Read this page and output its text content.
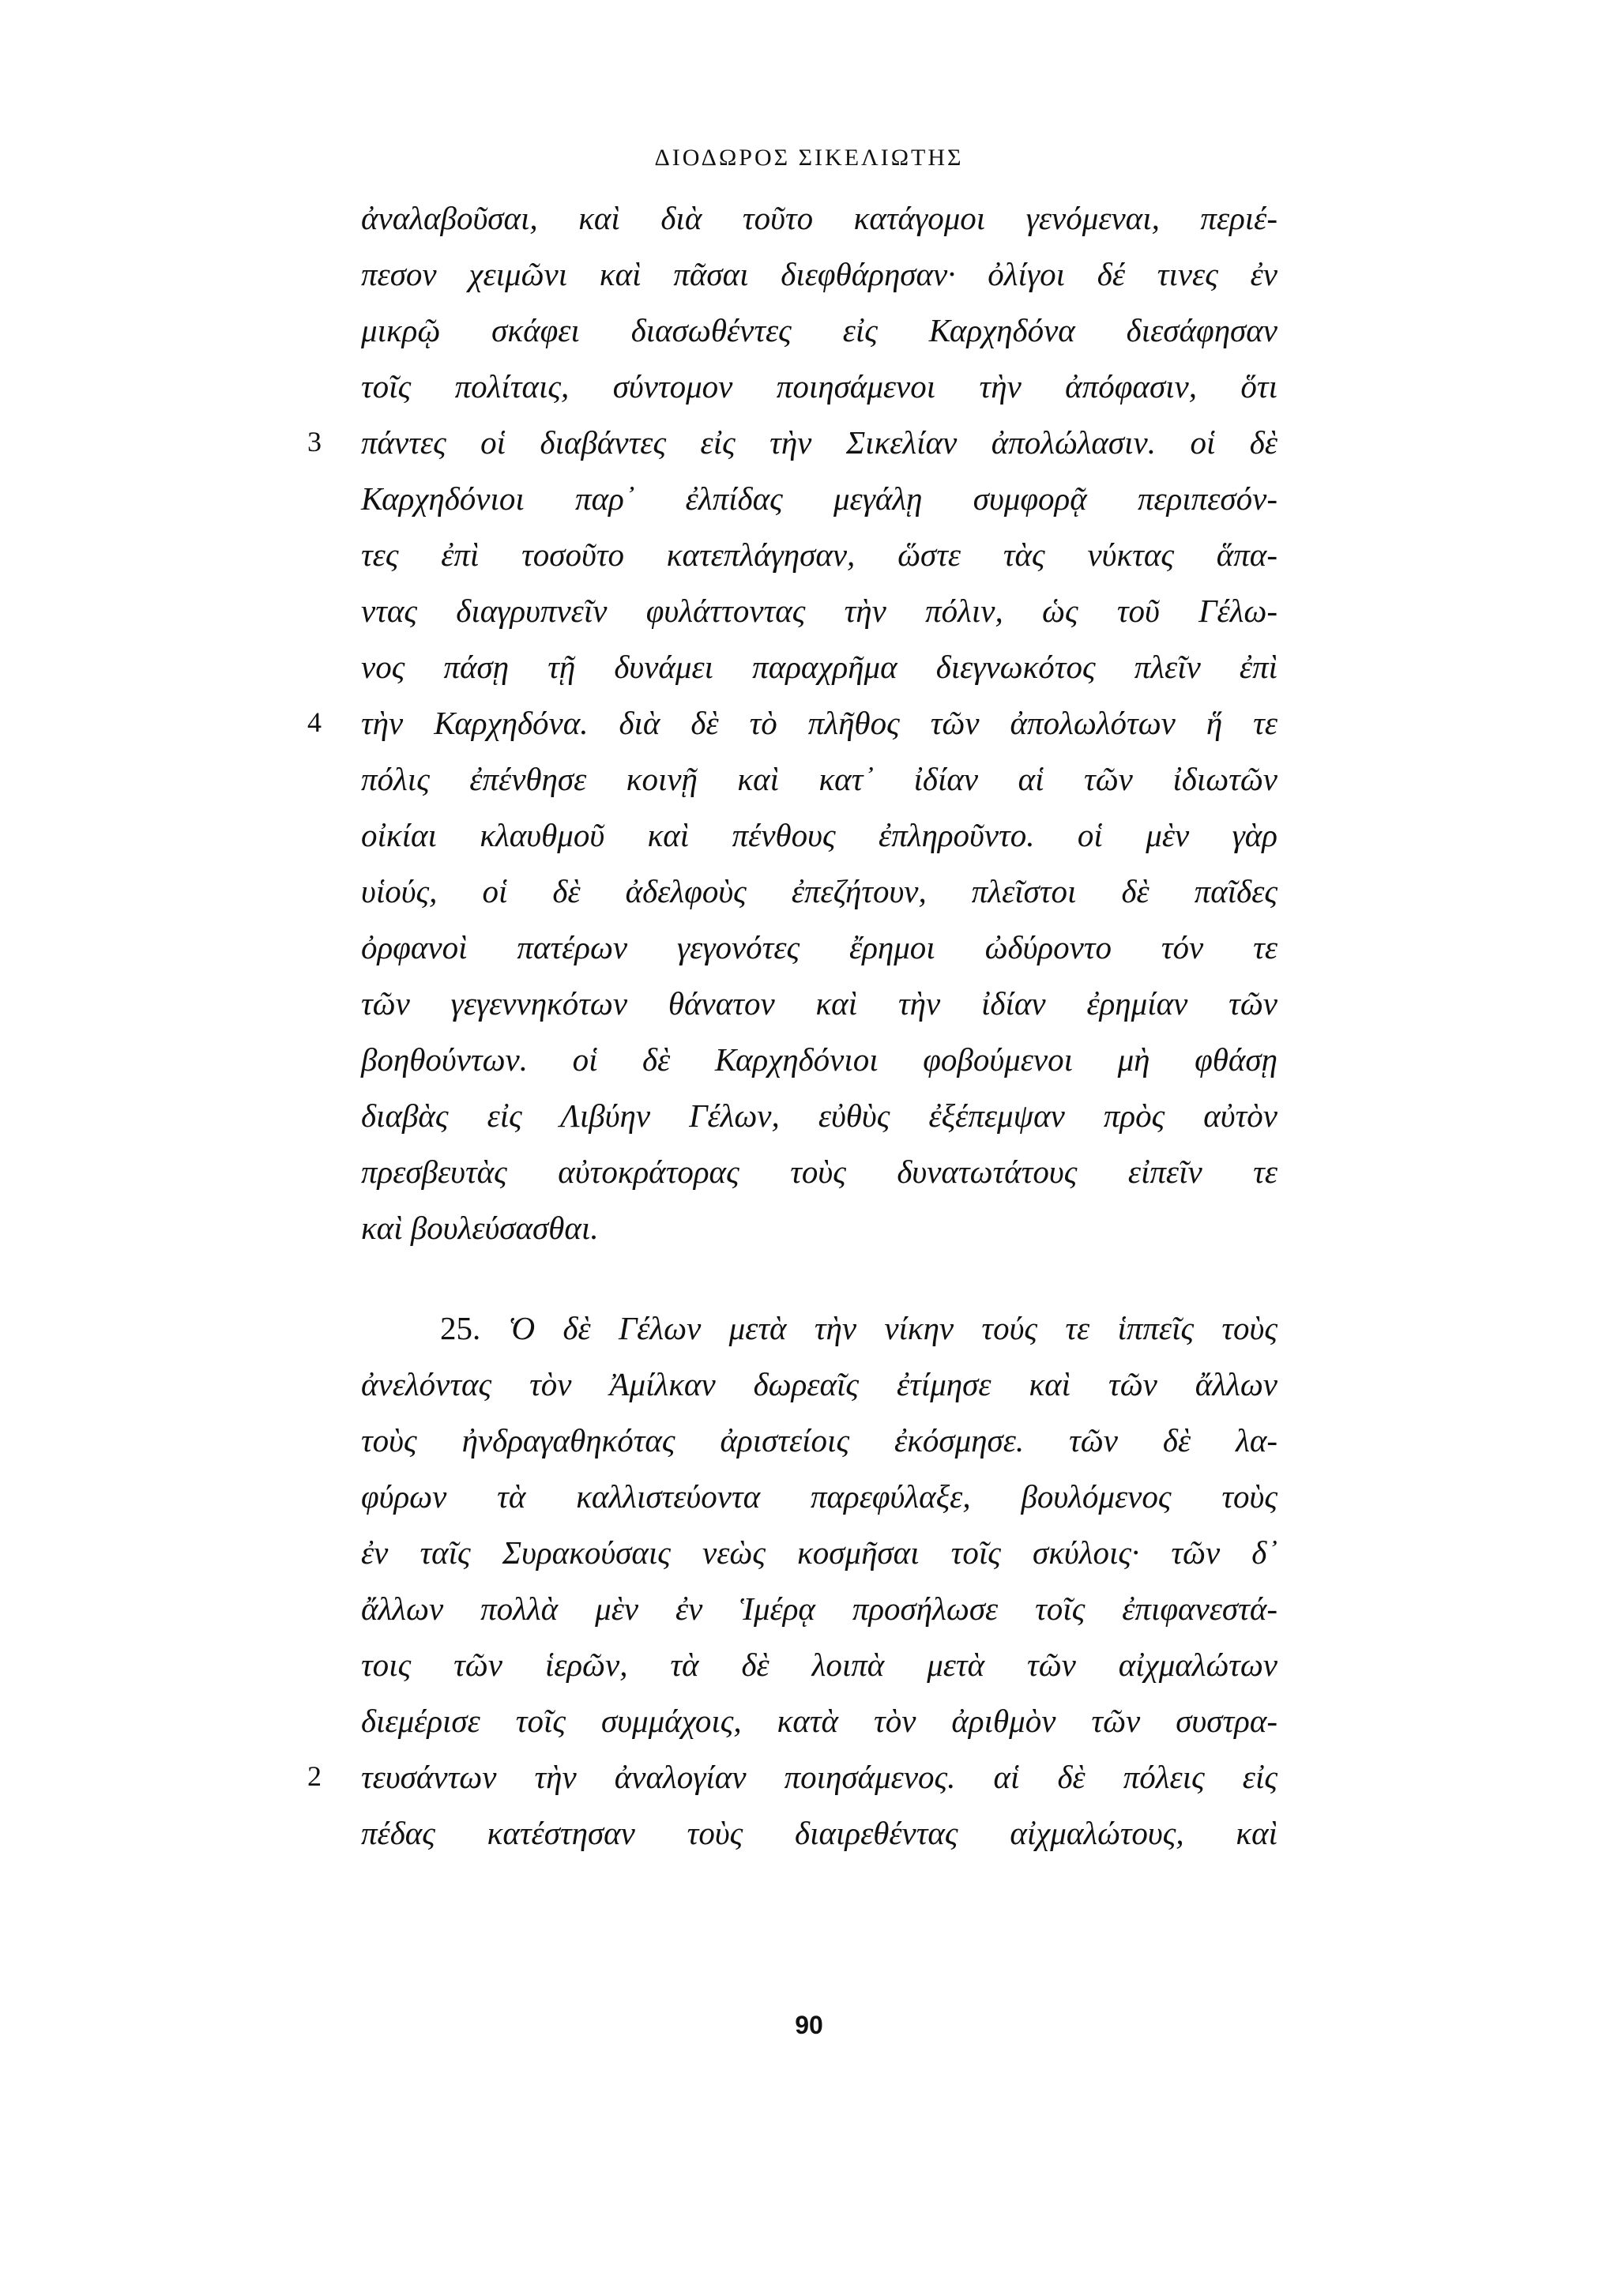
ΔΙΟΔΩΡΟΣ ΣΙΚΕΛΙΩΤΗΣ
ἀναλαβοῦσαι, καὶ διὰ τοῦτο κατάγομοι γενόμεναι, περιέ-
πεσον χειμῶνι καὶ πᾶσαι διεφθάρησαν· ὀλίγοι δέ τινες ἐν
μικρῷ σκάφει διασωθέντες εἰς Καρχηδόνα διεσάφησαν
τοῖς πολίταις, σύντομον ποιησάμενοι τὴν ἀπόφασιν, ὅτι
3 πάντες οἱ διαβάντες εἰς τὴν Σικελίαν ἀπολώλασιν. οἱ δὲ
Καρχηδόνιοι παρ᾽ ἐλπίδας μεγάλῃ συμφορᾷ περιπεσόν-
τες ἐπὶ τοσοῦτο κατεπλάγησαν, ὥστε τὰς νύκτας ἅπα-
ντας διαγρυπνεῖν φυλάττοντας τὴν πόλιν, ὡς τοῦ Γέλω-
νος πάσῃ τῇ δυνάμει παραχρῆμα διεγνωκότος πλεῖν ἐπὶ
4 τὴν Καρχηδόνα. διὰ δὲ τὸ πλῆθος τῶν ἀπολωλότων ἥ τε
πόλις ἐπένθησε κοινῇ καὶ κατ᾽ ἰδίαν αἱ τῶν ἰδιωτῶν
οἰκίαι κλαυθμοῦ καὶ πένθους ἐπληροῦντο. οἱ μὲν γὰρ
υἱούς, οἱ δὲ ἀδελφοὺς ἐπεζήτουν, πλεῖστοι δὲ παῖδες
ὀρφανοὶ πατέρων γεγονότες ἔρημοι ὠδύροντο τόν τε
τῶν γεγεννηκότων θάνατον καὶ τὴν ἰδίαν ἐρημίαν τῶν
βοηθούντων. οἱ δὲ Καρχηδόνιοι φοβούμενοι μὴ φθάσῃ
διαβὰς εἰς Λιβύην Γέλων, εὐθὺς ἐξέπεμψαν πρὸς αὐτὸν
πρεσβευτὰς αὐτοκράτορας τοὺς δυνατωτάτους εἰπεῖν τε
καὶ βουλεύσασθαι.
25. Ὁ δὲ Γέλων μετὰ τὴν νίκην τούς τε ἱππεῖς τοὺς
ἀνελόντας τὸν Ἀμίλκαν δωρεαῖς ἐτίμησε καὶ τῶν ἄλλων
τοὺς ἠνδραγαθηκότας ἀριστείοις ἐκόσμησε. τῶν δὲ λα-
φύρων τὰ καλλιστεύοντα παρεφύλαξε, βουλόμενος τοὺς
ἐν ταῖς Συρακούσαις νεὼς κοσμῆσαι τοῖς σκύλοις· τῶν δ᾽
ἄλλων πολλὰ μὲν ἐν Ἱμέρᾳ προσήλωσε τοῖς ἐπιφανεστά-
τοις τῶν ἱερῶν, τὰ δὲ λοιπὰ μετὰ τῶν αἰχμαλώτων
διεμέρισε τοῖς συμμάχοις, κατὰ τὸν ἀριθμὸν τῶν συστρα-
2 τευσάντων τὴν ἀναλογίαν ποιησάμενος. αἱ δὲ πόλεις εἰς
πέδας κατέστησαν τοὺς διαιρεθέντας αἰχμαλώτους, καὶ
90
